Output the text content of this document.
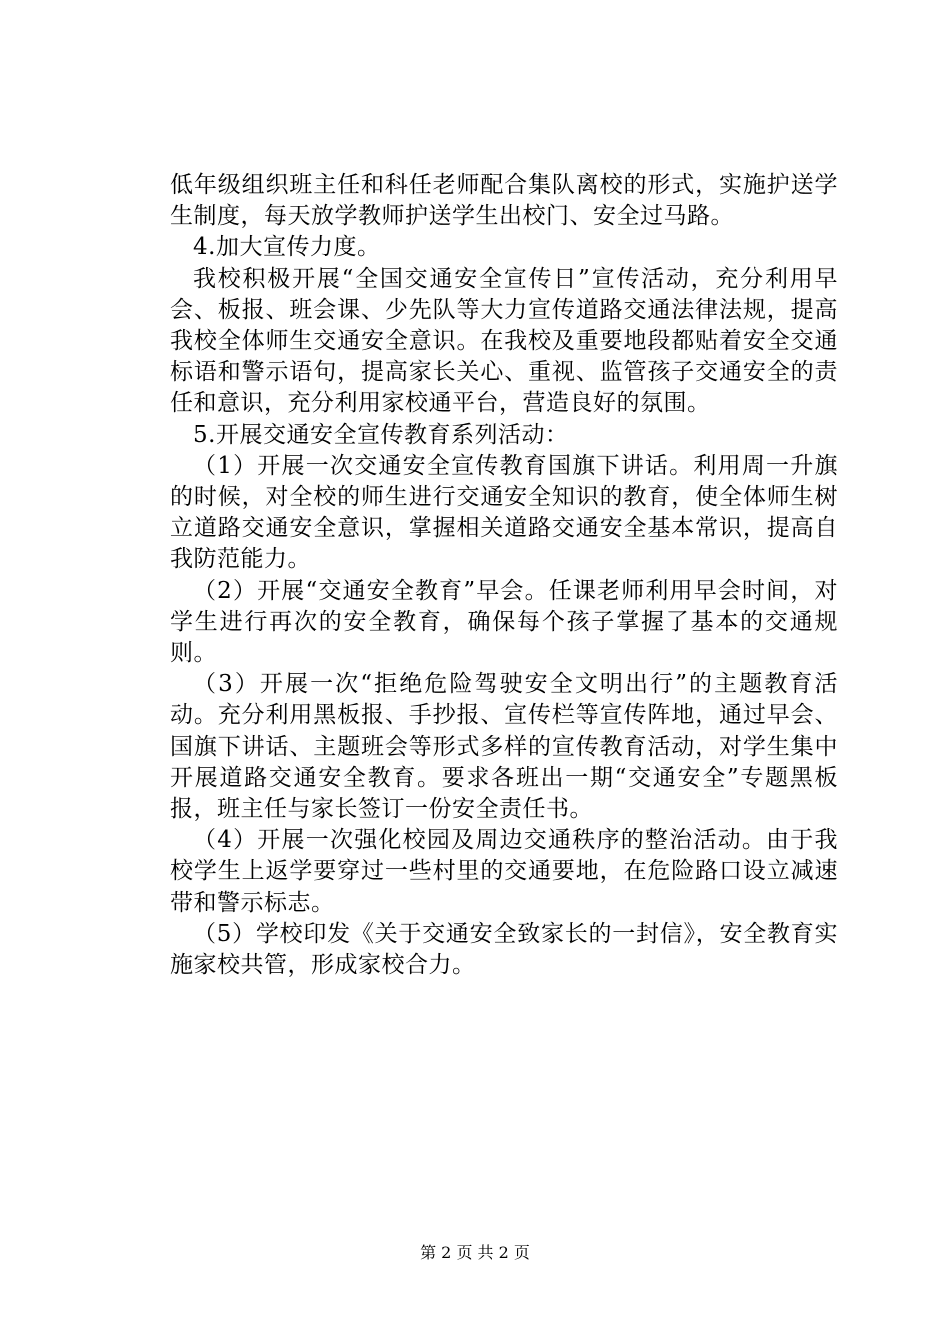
低年级组织班主任和科任老师配合集队离校的形式，实施护送学生制度，每天放学教师护送学生出校门、安全过马路。

4.加大宣传力度。

我校积极开展“全国交通安全宣传日”宣传活动，充分利用早会、板报、班会课、少先队等大力宣传道路交通法律法规，提高我校全体师生交通安全意识。在我校及重要地段都贴着安全交通标语和警示语句，提高家长关心、重视、监管孩子交通安全的责任和意识，充分利用家校通平台，营造良好的氛围。

5.开展交通安全宣传教育系列活动：

（1）开展一次交通安全宣传教育国旗下讲话。利用周一升旗的时候，对全校的师生进行交通安全知识的教育，使全体师生树立道路交通安全意识，掌握相关道路交通安全基本常识，提高自我防范能力。

（2）开展“交通安全教育”早会。任课老师利用早会时间，对学生进行再次的安全教育，确保每个孩子掌握了基本的交通规则。

（3）开展一次“拒绝危险驾驶安全文明出行”的主题教育活动。充分利用黑板报、手抄报、宣传栏等宣传阵地，通过早会、国旗下讲话、主题班会等形式多样的宣传教育活动，对学生集中开展道路交通安全教育。要求各班出一期“交通安全”专题黑板报，班主任与家长签订一份安全责任书。

（4）开展一次强化校园及周边交通秩序的整治活动。由于我校学生上返学要穿过一些村里的交通要地，在危险路口设立减速带和警示标志。

（5）学校印发《关于交通安全致家长的一封信》，安全教育实施家校共管，形成家校合力。

第 2 页 共 2 页
